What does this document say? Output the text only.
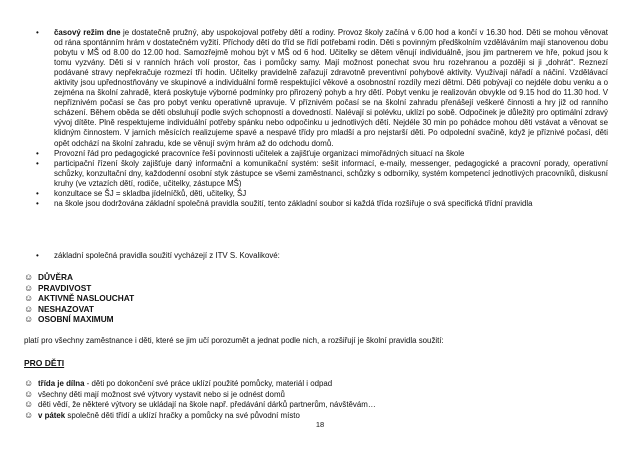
• časový režim dne je dostatečně pružný, aby uspokojoval potřeby dětí a rodiny. Provoz školy začíná v 6.00 hod a končí v 16.30 hod. Děti se mohou věnovat od rána spontánním hrám v dostatečném vyžití. Příchody dětí do tříd se řídí potřebami rodin. Děti s povinným předškolním vzděláváním mají stanovenou dobu pobytu v MŠ od 8.00 do 12.00 hod. Samozřejmě mohou být v MŠ od 6 hod. Učitelky se dětem věnují individuálně, jsou jim partnerem ve hře, pokud jsou k tomu vyzvány. Děti si v ranních hrách volí prostor, čas i pomůcky samy. Mají možnost ponechat svou hru rozehranou a později si ji „dohrát“. Reznezí podávané stravy nepřekračuje rozmezí tří hodin. Učitelky pravidelně zařazují zdravotně preventivní pohybové aktivity. Využívají nářadí a náčiní. Vzdělávací aktivity jsou upřednostňovány ve skupinové a individuální formě respektující věkové a osobnostní rozdíly mezi dětmi. Děti pobývají co nejdéle dobu venku a o zejména na školní zahradě, která poskytuje výborné podmínky pro přirozený pohyb a hry dětí. Pobyt venku je realizován obvykle od 9.15 hod do 11.30 hod. V nepříznivém počasí se čas pro pobyt venku operativně upravuje. V příznivém počasí se na školní zahradu přenášejí veškeré činnosti a hry již od ranního scházení. Během oběda se děti obsluhují podle svých schopností a dovedností. Nalévají si polévku, uklízí po sobě. Odpočinek je důležitý pro optimální zdravý vývoj dítěte. Plně respektujeme individuální potřeby spánku nebo odpočinku u jednotlivých dětí. Nejdéle 30 min po pohádce mohou děti vstávat a věnovat se klidným činnostem. V jarních měsících realizujeme spavé a nespavé třídy pro mladší a pro nejstarší děti. Po odpolední svačině, když je příznivé počasí, děti opět odchází na školní zahradu, kde se věnují svým hrám až do odchodu domů.
• Provozní řád pro pedagogické pracovníce řeší povinnosti učitelek a zajišťuje organizaci mimořádných situací na škole
• participační řízení školy zajišťuje daný informační a komunikační systém: sešit informací, e-maily, messenger, pedagogické a pracovní porady, operativní schůzky, konzultační dny, každodenní osobní styk zástupce se všemi zaměstnanci, schůzky s odborníky, systém kompetencí jednotlivých pracovníků, diskusní kruhy (ve vztazích dětí, rodiče, učitelky, zástupce MŠ)
• konzultace se ŠJ = skladba jídelníčků, děti, učitelky, ŠJ
• na škole jsou dodržována základní společná pravidla soužití, tento základní soubor si každá třída rozšiřuje o svá specifická třídní pravidla
• základní společná pravidla soužití vycházejí z ITV S. Kovalikové:
☺ DŮVĚRA
☺ PRAVDIVOST
☺ AKTIVNĚ NASLOUCHAT
☺ NESHAZOVAT
☺ OSOBNÍ MAXIMUM
platí pro všechny zaměstnance i děti, které se jim učí porozumět a jednat podle nich, a rozšiřují je školní pravidla soužití:
PRO DĚTI
☺ třída je dílna - děti po dokončení své práce uklízí použité pomůcky, materiál i odpad
☺ všechny děti mají možnost své výtvory vystavit nebo si je odnést domů
☺ děti vědí, že některé výtvory se ukládají na škole např. předávání dárků partnerům, návštěvám…
☺ v pátek společně děti třídí a uklízí hračky a pomůcky na své původní místo
18
